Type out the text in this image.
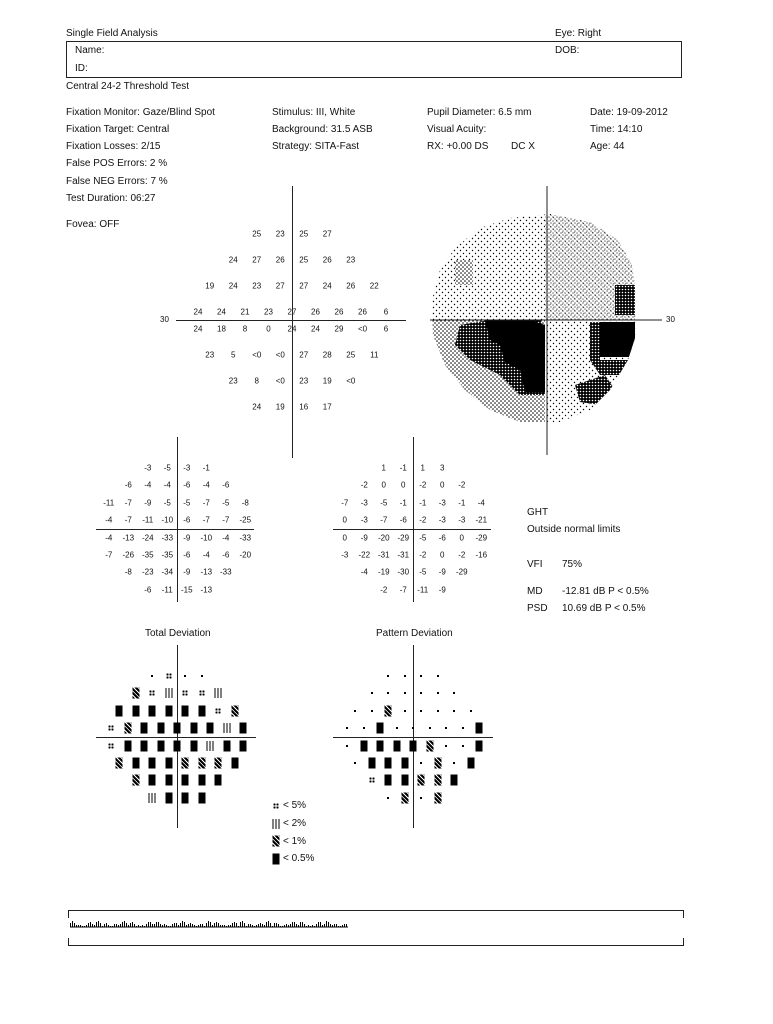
Single Field Analysis	Eye: Right
Name:	DOB:
ID:
Central 24-2 Threshold Test
Fixation Monitor: Gaze/Blind Spot
Fixation Target: Central
Fixation Losses: 2/15
False POS Errors: 2 %
False NEG Errors: 7 %
Test Duration: 06:27
Fovea: OFF
Stimulus: III, White
Background: 31.5 ASB
Strategy: SITA-Fast
Pupil Diameter: 6.5 mm
Visual Acuity:
RX: +0.00 DS DC X
Date: 19-09-2012
Time: 14:10
Age: 44
30
25 23 25 27
24 27 26 25 26 23
19 24 23 27 27 24 26 22
24 24 21 23 27 26 26 26 6
24 18 8 0 24 24 29 <0 6
23 5 <0 <0 27 28 25 11
23 8 <0 23 19 <0
24 19 16 17
30
-3 -5 -3 -1
-6 -4 -4 -6 -4 -6
-11 -7 -9 -5 -5 -7 -5 -8
-4 -7 -11 -10 -6 -7 -7 -25
-4 -13 -24 -33 -9 -10 -4 -33
-7 -26 -35 -35 -6 -4 -6 -20
-8 -23 -34 -9 -13 -33
-6 -11 -15 -13
1 -1 1 3
-2 0 0 -2 0 -2
-7 -3 -5 -1 -1 -3 -1 -4
0 -3 -7 -6 -2 -3 -3 -21
0 -9 -20 -29 -5 -6 0 -29
-3 -22 -31 -31 -2 0 -2 -16
-4 -19 -30 -5 -9 -29
-2 -7 -11 -9
GHT
Outside normal limits
VFI 75%
MD -12.81 dB P < 0.5%
PSD 10.69 dB P < 0.5%
Total Deviation	Pattern Deviation
< 5%
< 2%
< 1%
< 0.5%
